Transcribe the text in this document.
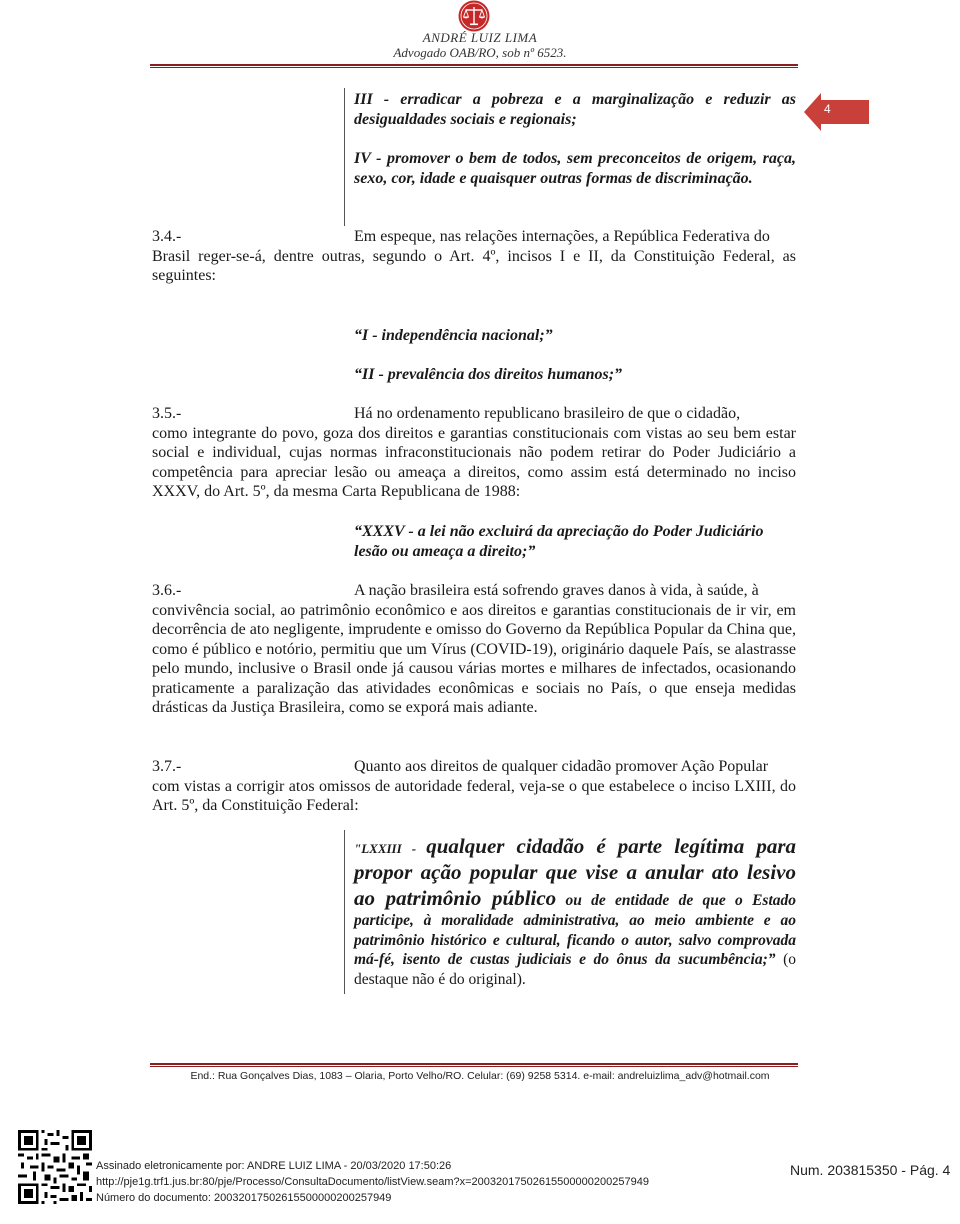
ANDRÉ LUIZ LIMA
Advogado OAB/RO, sob nº 6523.
4
III - erradicar a pobreza e a marginalização e reduzir as desigualdades sociais e regionais;
IV - promover o bem de todos, sem preconceitos de origem, raça, sexo, cor, idade e quaisquer outras formas de discriminação.
3.4.-	Em espeque, nas relações internações, a República Federativa do
Brasil reger-se-á, dentre outras, segundo o Art. 4º, incisos I e II, da Constituição Federal, as seguintes:
“I - independência nacional;”
“II - prevalência dos direitos humanos;”
3.5.-	Há no ordenamento republicano brasileiro de que o cidadão,
como integrante do povo, goza dos direitos e garantias constitucionais com vistas ao seu bem estar social e individual, cujas normas infraconstitucionais não podem retirar do Poder Judiciário a competência para apreciar lesão ou ameaça a direitos, como assim está determinado no inciso XXXV, do Art. 5º, da mesma Carta Republicana de 1988:
“XXXV - a lei não excluirá da apreciação do Poder Judiciário lesão ou ameaça a direito;”
3.6.-	A nação brasileira está sofrendo graves danos à vida, à saúde, à
convivência social, ao patrimônio econômico e aos direitos e garantias constitucionais de ir vir, em decorrência de ato negligente, imprudente e omisso do Governo da República Popular da China que, como é público e notório, permitiu que um Vírus (COVID-19), originário daquele País, se alastrasse pelo mundo, inclusive o Brasil onde já causou várias mortes e milhares de infectados, ocasionando praticamente a paralização das atividades econômicas e sociais no País, o que enseja medidas drásticas da Justiça Brasileira, como se exporá mais adiante.
3.7.-	Quanto aos direitos de qualquer cidadão promover Ação Popular
com vistas a corrigir atos omissos de autoridade federal, veja-se o que estabelece o inciso LXIII, do Art. 5º, da Constituição Federal:
"LXXIII - qualquer cidadão é parte legítima para propor ação popular que vise a anular ato lesivo ao patrimônio público ou de entidade de que o Estado participe, à moralidade administrativa, ao meio ambiente e ao patrimônio histórico e cultural, ficando o autor, salvo comprovada má-fé, isento de custas judiciais e do ônus da sucumbência;” (o destaque não é do original).
End.: Rua Gonçalves Dias, 1083 – Olaria, Porto Velho/RO. Celular: (69) 9258 5314. e-mail: andreluizlima_adv@hotmail.com
Assinado eletronicamente por: ANDRE LUIZ LIMA - 20/03/2020 17:50:26
http://pje1g.trf1.jus.br:80/pje/Processo/ConsultaDocumento/listView.seam?x=20032017502615500000200257949
Número do documento: 20032017502615500000200257949
Num. 203815350 - Pág. 4
